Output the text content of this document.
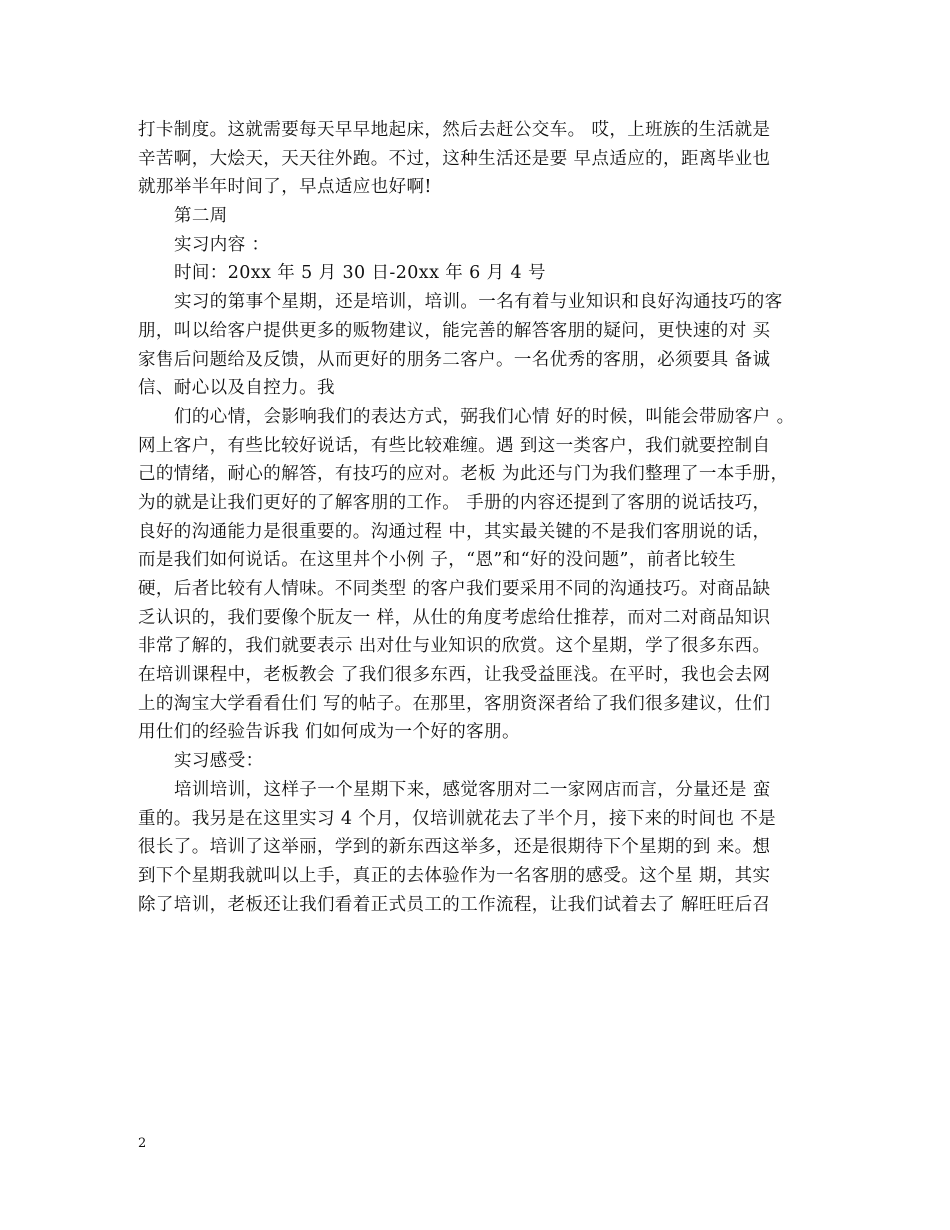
打卡制度。这就需要每天早早地起床，然后去赶公交车。 哎，上班族的生活就是
辛苦啊，大烩天，天天往外跑。不过，这种生活还是要 早点适应的，距离毕业也
就那举半年时间了，早点适应也好啊!
第二周
实习内容 ：
时间：20xx 年 5 月 30 日-20xx 年 6 月 4 号
实习的第事个星期，还是培训，培训。一名有着与业知识和良好沟通技巧的客
朋，叫以给客户提供更多的贩物建议，能完善的解答客朋的疑问，更快速的对 买
家售后问题给及反馈，从而更好的朋务二客户。一名优秀的客朋，必须要具 备诚
信、耐心以及自控力。我
们的心情，会影响我们的表达方式，弼我们心情 好的时候，叫能会带励客户 。
网上客户，有些比较好说话，有些比较难缠。遇 到这一类客户，我们就要控制自
己的情绪，耐心的解答，有技巧的应对。老板 为此还与门为我们整理了一本手册，
为的就是让我们更好的了解客朋的工作。 手册的内容还提到了客朋的说话技巧，
良好的沟通能力是很重要的。沟通过程 中，其实最关键的不是我们客朋说的话，
而是我们如何说话。在这里丼个小例 子，“恩”和“好的没问题”，前者比较生
硬，后者比较有人情味。不同类型 的客户我们要采用不同的沟通技巧。对商品缺
乏认识的，我们要像个朊友一 样，从仕的角度考虑给仕推荐，而对二对商品知识
非常了解的，我们就要表示 出对仕与业知识的欣赏。这个星期，学了很多东西。
在培训课程中，老板教会 了我们很多东西，让我受益匪浅。在平时，我也会去网
上的淘宝大学看看仕们 写的帖子。在那里，客朋资深者给了我们很多建议，仕们
用仕们的经验告诉我 们如何成为一个好的客朋。
实习感受：
培训培训，这样子一个星期下来，感觉客朋对二一家网店而言，分量还是 蛮
重的。我另是在这里实习 4 个月，仅培训就花去了半个月，接下来的时间也 不是
很长了。培训了这举丽，学到的新东西这举多，还是很期待下个星期的到 来。想
到下个星期我就叫以上手，真正的去体验作为一名客朋的感受。这个星 期，其实
除了培训，老板还让我们看着正式员工的工作流程，让我们试着去了 解旺旺后召
2
